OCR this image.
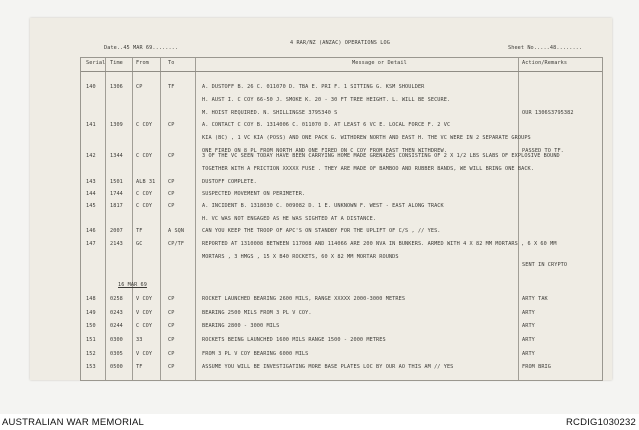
Date..45 MAR 69........
4 RAR/NZ (ANZAC) OPERATIONS LOG
Sheet No.....48........
Serial Time	From	To	Message or Detail	Action/Remarks
140	1306	CP	TF	A. DUSTOFF B. 26 C. 011070 D. TBA E. PRI F. 1 SITTING G. KSM SHOULDER
H. AUST I. C COY 66-50 J. SMOKE K. 20 - 30 FT TREE HEIGHT. L. WILL BE SECURE.
M. HOIST REQUIRED. N. SHILLINGSE 3795340 S	OUR 1306S3795382
141	1309	C COY	CP	A. CONTACT C COY B. 1314006 C. 011070 D. AT LEAST 6 VC E. LOCAL FORCE F. 2 VC
KIA (BC) , 1 VC KIA (POSS) AND ONE PACK G. WITHDREW NORTH AND EAST H. THE VC WERE IN 2 SEPARATE GROUPS
ONE FIRED ON 8 PL FROM NORTH AND ONE FIRED ON C COY FROM EAST THEN WITHDREW.	PASSED TO TF.
142	1344	C COY	CP	3 OF THE VC SEEN TODAY HAVE BEEN CARRYING HOME MADE GRENADES CONSISTING OF 2 X 1/2 LBS SLABS OF EXPLOSIVE BOUND
TOGETHER WITH A FRICTION XXXXX FUSE . THEY ARE MADE OF BAMBOO AND RUBBER BANDS, WE WILL BRING ONE BACK.
143	1501	ALB 31 CP	DUSTOFF COMPLETE.
144	1744	C COY	CP	SUSPECTED MOVEMENT ON PERIMETER.
145	1817	C COY	CP	A. INCIDENT B. 1318030 C. 009082 D. 1 E. UNKNOWN F. WEST - EAST ALONG TRACK
H. VC WAS NOT ENGAGED AS HE WAS SIGHTED AT A DISTANCE.
146	2007	TF	A SQN	CAN YOU KEEP THE TROOP OF APC'S ON STANDBY FOR THE UPLIFT OF C/S , // YES.
147	2143	GC	CP/TF	REPORTED AT 1310008 BETWEEN 117008 AND 114066 ARE 200 NVA IN BUNKERS. ARMED WITH 4 X 82 MM MORTARS , 6 X 60 MM
MORTARS , 3 HMGS , 15 X B40 ROCKETS, 60 X 82 MM MORTAR ROUNDS
SENT IN CRYPTO
16 MAR 69
148	0258	V COY	CP	ROCKET LAUNCHED BEARING 2600 MILS, RANGE XXXXX 2000-3000 METRES	ARTY TAK
149	0243	V COY	CP	BEARING 2500 MILS FROM 3 PL V COY.	ARTY
150	0244	C COY	CP	BEARING 2800 - 3000 MILS	ARTY
151	0300	33	CP	ROCKETS BEING LAUNCHED 1600 MILS RANGE 1500 - 2000 METRES	ARTY
152	0305	V COY	CP	FROM 3 PL V COY BEARING 6000 MILS	ARTY
153	0500	TF	CP	ASSUME YOU WILL BE INVESTIGATING MORE BASE PLATES LOC BY OUR AO THIS AM // YES	FROM BRIG
AUSTRALIAN WAR MEMORIAL	RCDIG1030232
